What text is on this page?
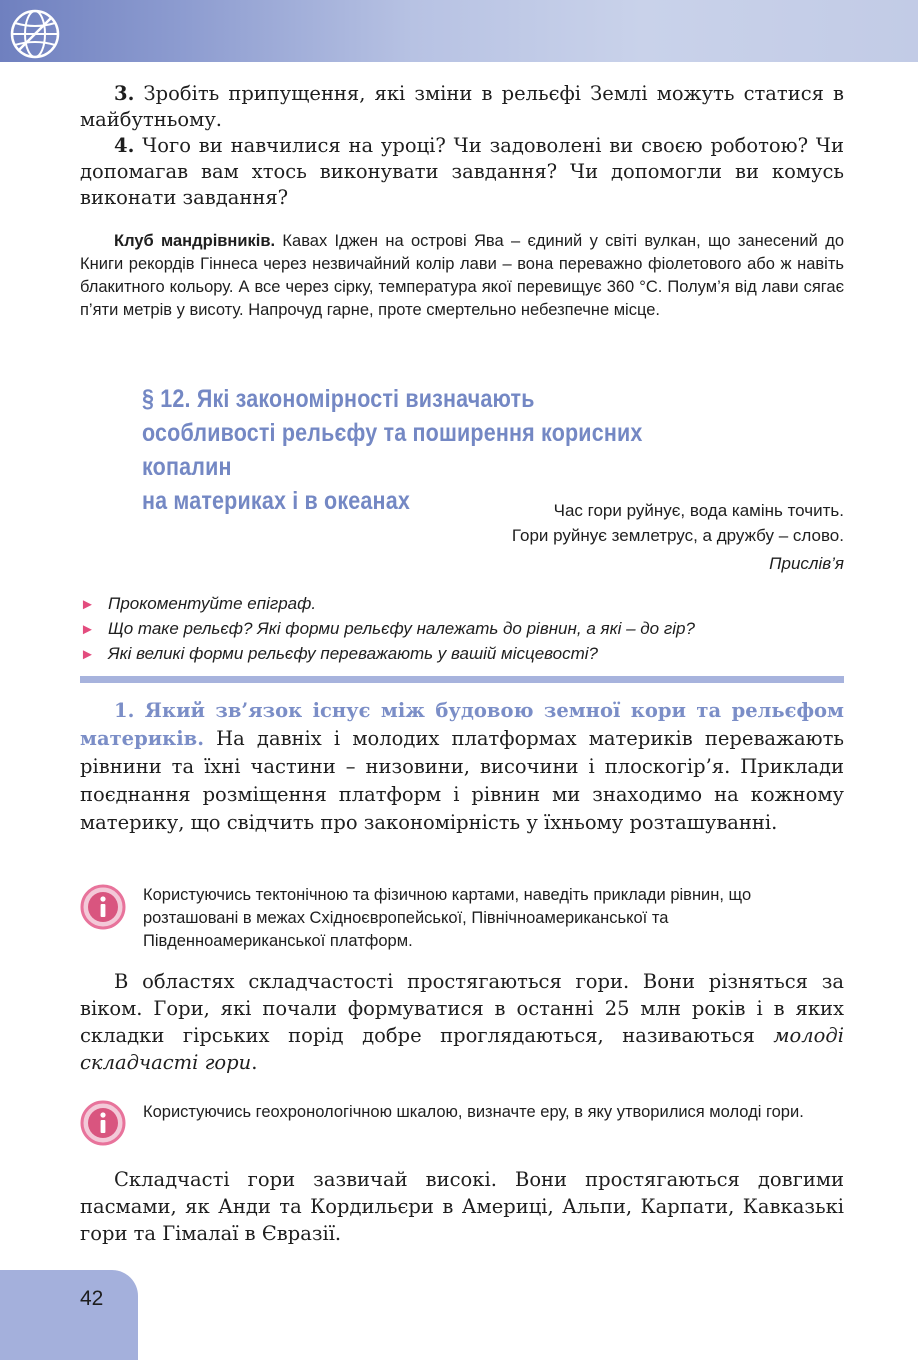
3. Зробіть припущення, які зміни в рельєфі Землі можуть статися в майбутньому.

4. Чого ви навчилися на уроці? Чи задоволені ви своєю роботою? Чи допомагав вам хтось виконувати завдання? Чи допомогли ви комусь виконати завдання?

Клуб мандрівників. Кавах Іджен на острові Ява – єдиний у світі вулкан, що занесений до Книги рекордів Гіннеса через незвичайний колір лави – вона переважно фіолетового або ж навіть блакитного кольору. А все через сірку, температура якої перевищує 360 °C. Полум’я від лави сягає п’яти метрів у висоту. Напрочуд гарне, проте смертельно небезпечне місце.

§ 12. Які закономірності визначають
особливості рельєфу та поширення корисних копалин
на материках і в океанах	Час гори руйнує, вода камінь точить.
Гори руйнує землетрус, а дружбу – слово.
Прислів’я
► Прокоментуйте епіграф.
► Що таке рельєф? Які форми рельєфу належать до рівнин, а які – до гір?
► Які великі форми рельєфу переважають у вашій місцевості?

1. Який зв’язок існує між будовою земної кори та рельєфом материків. На давніх і молодих платформах материків переважають рівнини та їхні частини – низовини, височини і плоскогір’я. Приклади поєднання розміщення платформ і рівнин ми знаходимо на кожному материку, що свідчить про закономірність у їхньому розташуванні.

Користуючись тектонічною та фізичною картами, наведіть приклади рівнин, що розташовані в межах Східноєвропейської, Північноамериканської та Південноамериканської платформ.

В областях складчастості простягаються гори. Вони різняться за віком. Гори, які почали формуватися в останні 25 млн років і в яких складки гірських порід добре проглядаються, називаються молоді складчасті гори.

Користуючись геохронологічною шкалою, визначте еру, в яку утворилися молоді гори.

Складчасті гори зазвичай високі. Вони простягаються довгими пасмами, як Анди та Кордильєри в Америці, Альпи, Карпати, Кавказькі гори та Гімалаї в Євразії.

42
